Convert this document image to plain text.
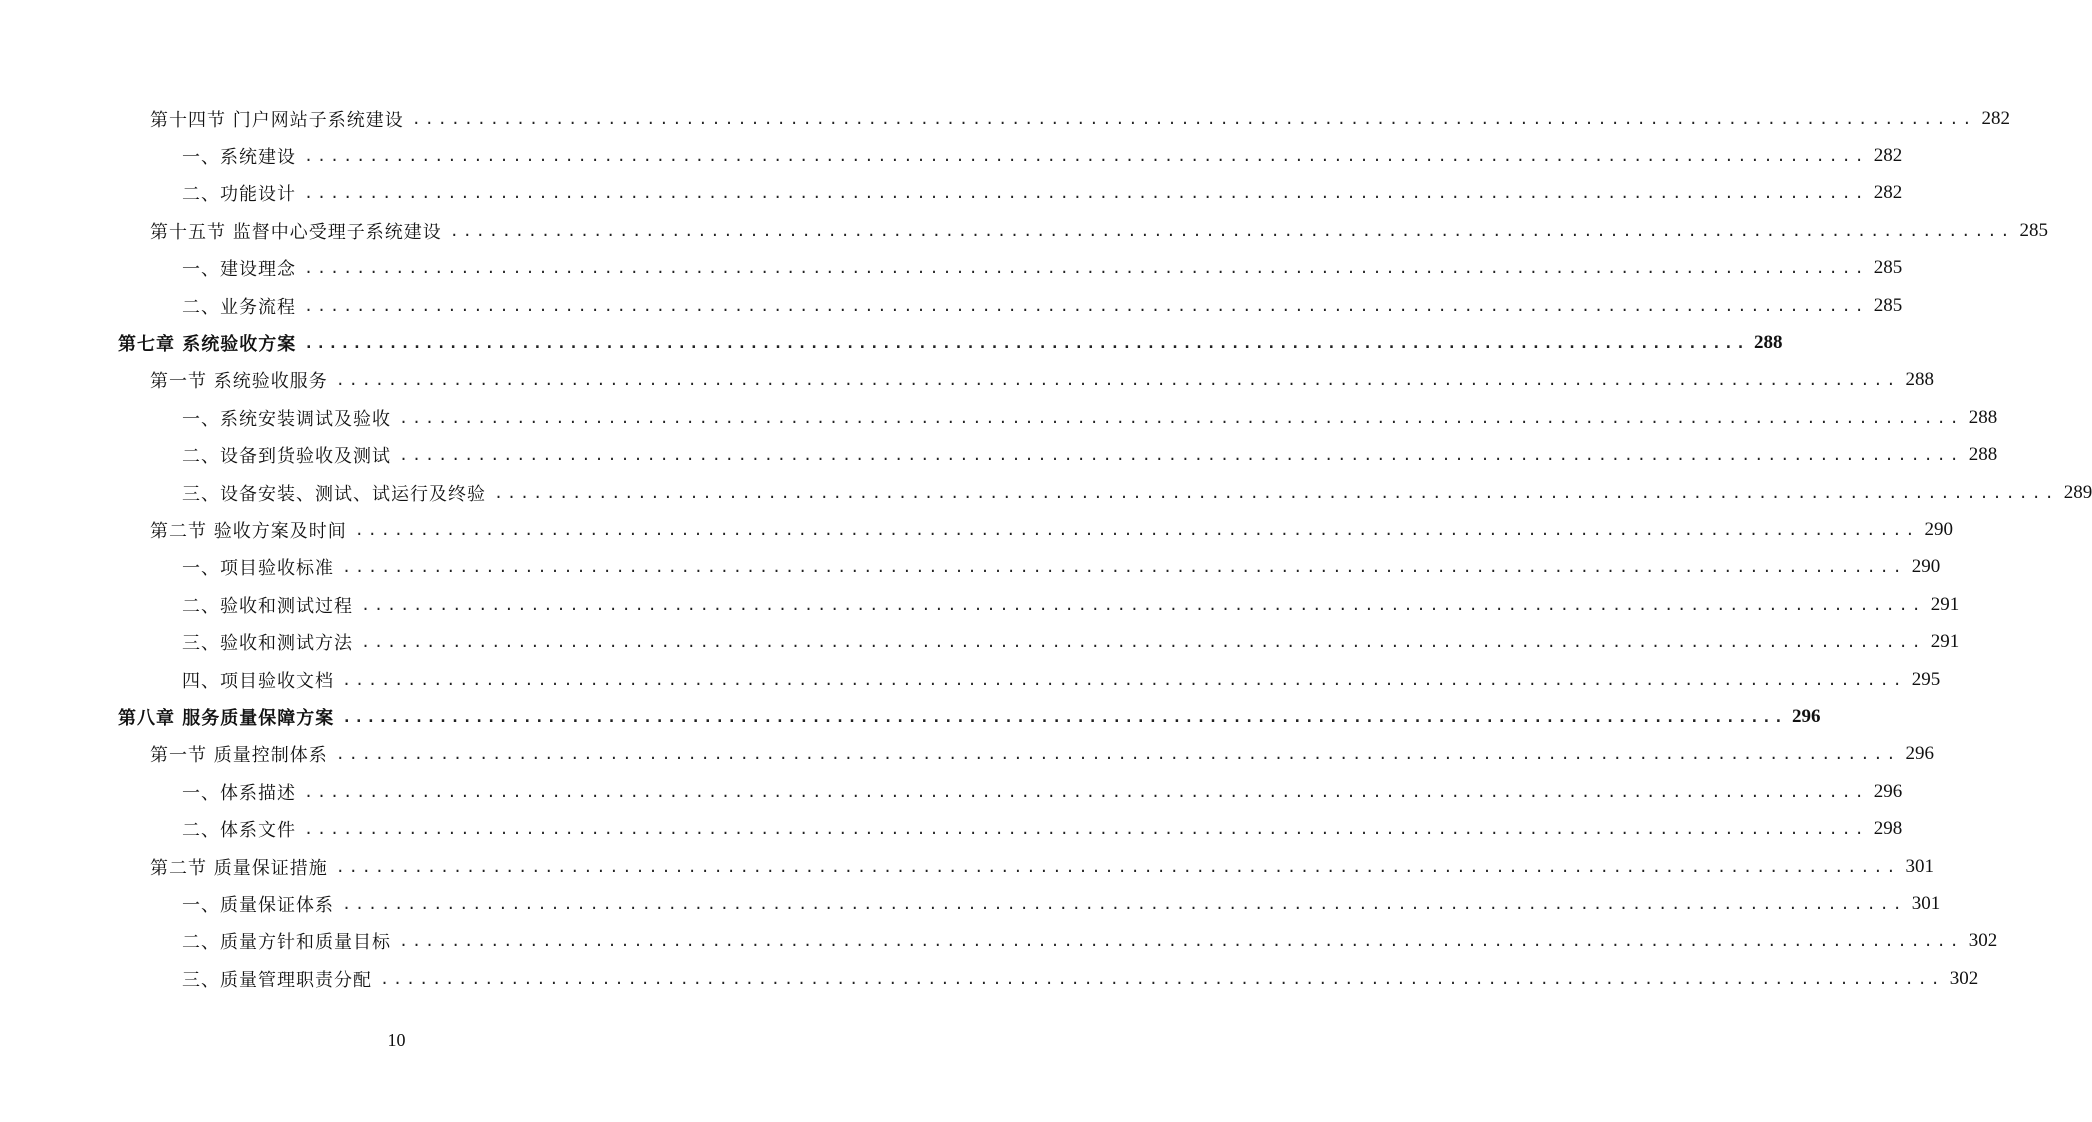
第十四节 门户网站子系统建设 ........................................................................................................................ 282
一、系统建设 ........................................................................................................................ 282
二、功能设计 ........................................................................................................................ 282
第十五节 监督中心受理子系统建设 ........................................................................................................................ 285
一、建设理念 ........................................................................................................................ 285
二、业务流程 ........................................................................................................................ 285
第七章 系统验收方案 ........................................................................................................................ 288
第一节 系统验收服务 ........................................................................................................................ 288
一、系统安装调试及验收 ........................................................................................................................ 288
二、设备到货验收及测试 ........................................................................................................................ 288
三、设备安装、测试、试运行及终验 ........................................................................................................................ 289
第二节 验收方案及时间 ........................................................................................................................ 290
一、项目验收标准 ........................................................................................................................ 290
二、验收和测试过程 ........................................................................................................................ 291
三、验收和测试方法 ........................................................................................................................ 291
四、项目验收文档 ........................................................................................................................ 295
第八章 服务质量保障方案 ........................................................................................................................ 296
第一节 质量控制体系 ........................................................................................................................ 296
一、体系描述 ........................................................................................................................ 296
二、体系文件 ........................................................................................................................ 298
第二节 质量保证措施 ........................................................................................................................ 301
一、质量保证体系 ........................................................................................................................ 301
二、质量方针和质量目标 ........................................................................................................................ 302
三、质量管理职责分配 ........................................................................................................................ 302
10
